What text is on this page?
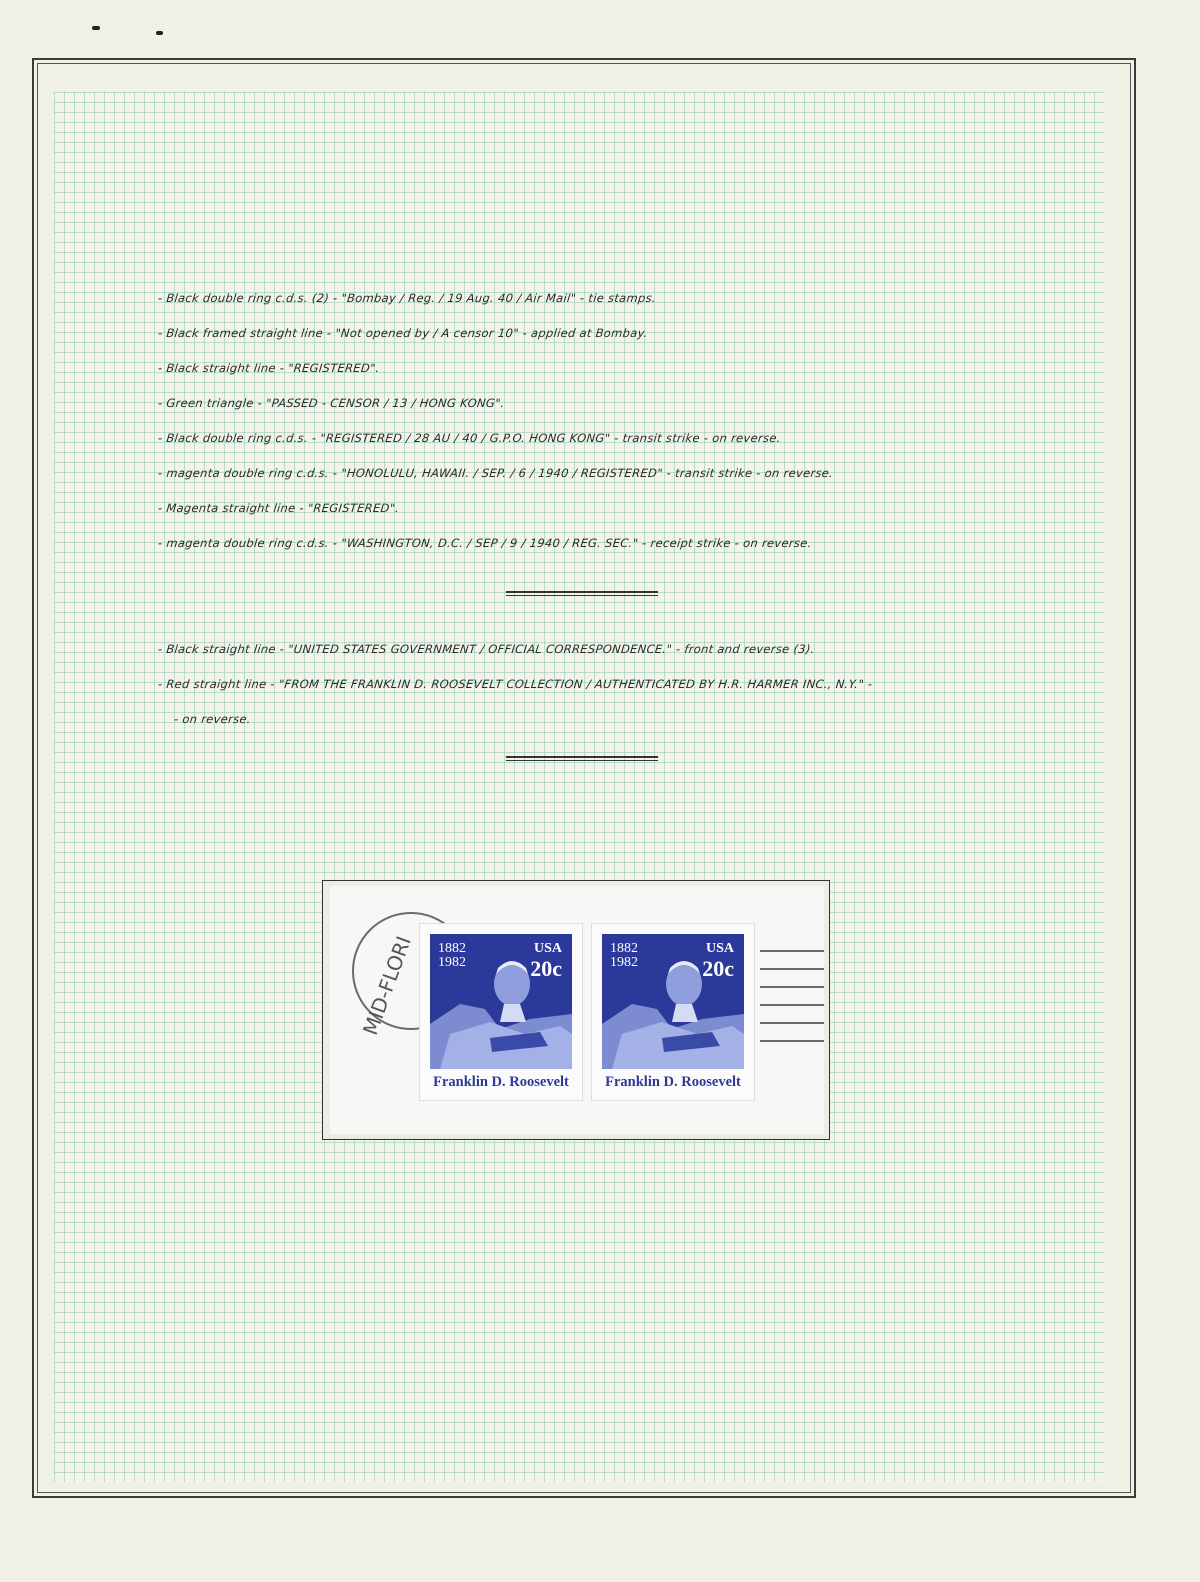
- Black double ring c.d.s. (2) - "Bombay / Reg. / 19 Aug. 40 / Air Mail" - tie stamps.
- Black framed straight line - "Not opened by / A censor 10" - applied at Bombay.
- Black straight line - "REGISTERED".
- Green triangle - "PASSED - CENSOR / 13 / HONG KONG".
- Black double ring c.d.s. - "REGISTERED / 28 AU / 40 / G.P.O. HONG KONG" - transit strike - on reverse.
- magenta double ring c.d.s. - "HONOLULU, HAWAII. / SEP. / 6 / 1940 / REGISTERED" - transit strike - on reverse.
- Magenta straight line - "REGISTERED".
- magenta double ring c.d.s. - "WASHINGTON, D.C. / SEP / 9 / 1940 / REG. SEC." - receipt strike - on reverse.
- Black straight line - "UNITED STATES GOVERNMENT / OFFICIAL CORRESPONDENCE." - front and reverse (3).
- Red straight line - "FROM THE FRANKLIN D. ROOSEVELT COLLECTION / AUTHENTICATED BY H.R. HARMER INC., N.Y." -
- on reverse.
MID-FLORI 1882
1982
USA
20c
Franklin D. Roosevelt
1882
1982
USA
20c
Franklin D. Roosevelt
